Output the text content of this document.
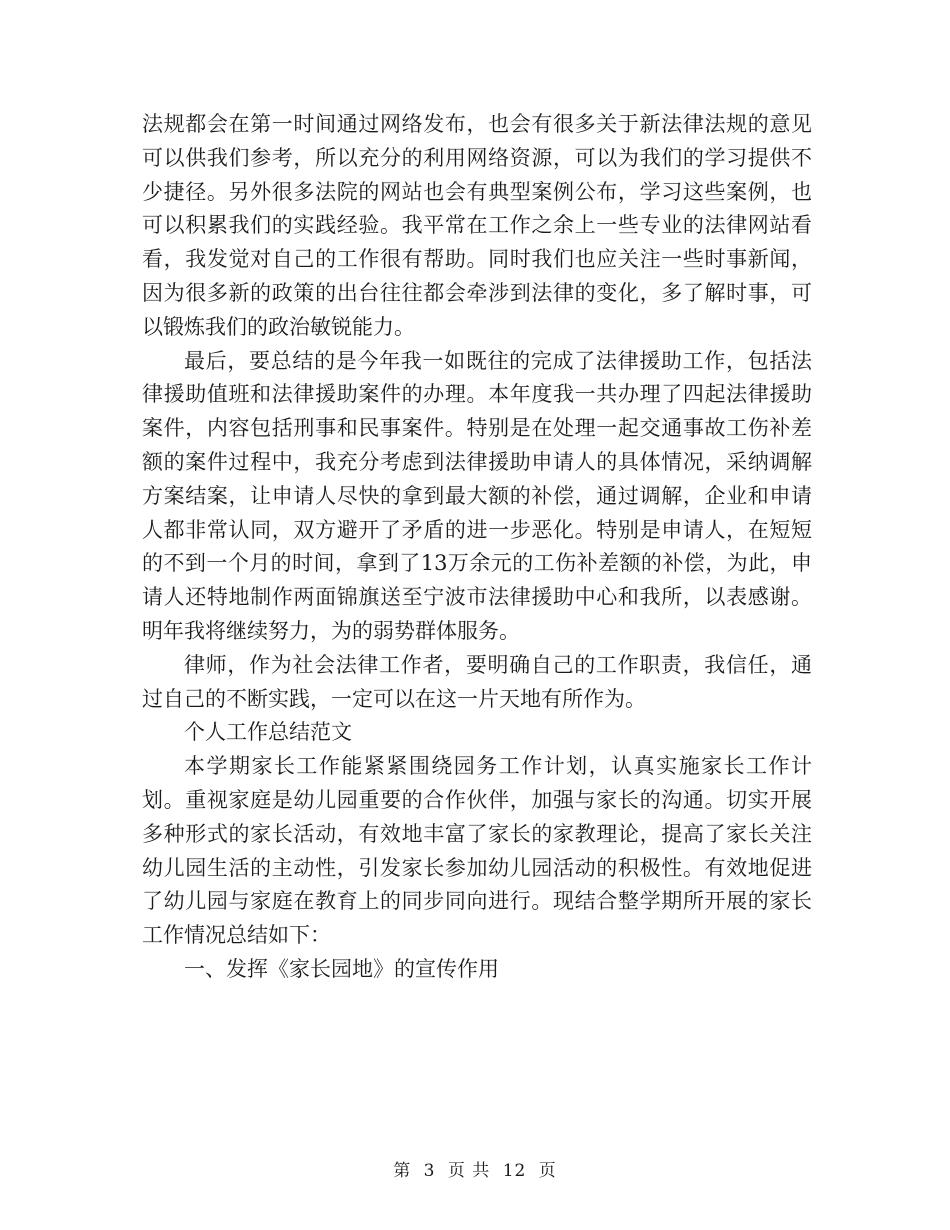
法规都会在第一时间通过网络发布，也会有很多关于新法律法规的意见可以供我们参考，所以充分的利用网络资源，可以为我们的学习提供不少捷径。另外很多法院的网站也会有典型案例公布，学习这些案例，也可以积累我们的实践经验。我平常在工作之余上一些专业的法律网站看看，我发觉对自己的工作很有帮助。同时我们也应关注一些时事新闻，因为很多新的政策的出台往往都会牵涉到法律的变化，多了解时事，可以锻炼我们的政治敏锐能力。

最后，要总结的是今年我一如既往的完成了法律援助工作，包括法律援助值班和法律援助案件的办理。本年度我一共办理了四起法律援助案件，内容包括刑事和民事案件。特别是在处理一起交通事故工伤补差额的案件过程中，我充分考虑到法律援助申请人的具体情况，采纳调解方案结案，让申请人尽快的拿到最大额的补偿，通过调解，企业和申请人都非常认同，双方避开了矛盾的进一步恶化。特别是申请人，在短短的不到一个月的时间，拿到了13万余元的工伤补差额的补偿，为此，申请人还特地制作两面锦旗送至宁波市法律援助中心和我所，以表感谢。明年我将继续努力，为的弱势群体服务。

律师，作为社会法律工作者，要明确自己的工作职责，我信任，通过自己的不断实践，一定可以在这一片天地有所作为。

个人工作总结范文

本学期家长工作能紧紧围绕园务工作计划，认真实施家长工作计划。重视家庭是幼儿园重要的合作伙伴，加强与家长的沟通。切实开展多种形式的家长活动，有效地丰富了家长的家教理论，提高了家长关注幼儿园生活的主动性，引发家长参加幼儿园活动的积极性。有效地促进了幼儿园与家庭在教育上的同步同向进行。现结合整学期所开展的家长工作情况总结如下：

一、发挥《家长园地》的宣传作用

第 3 页 共 12 页
